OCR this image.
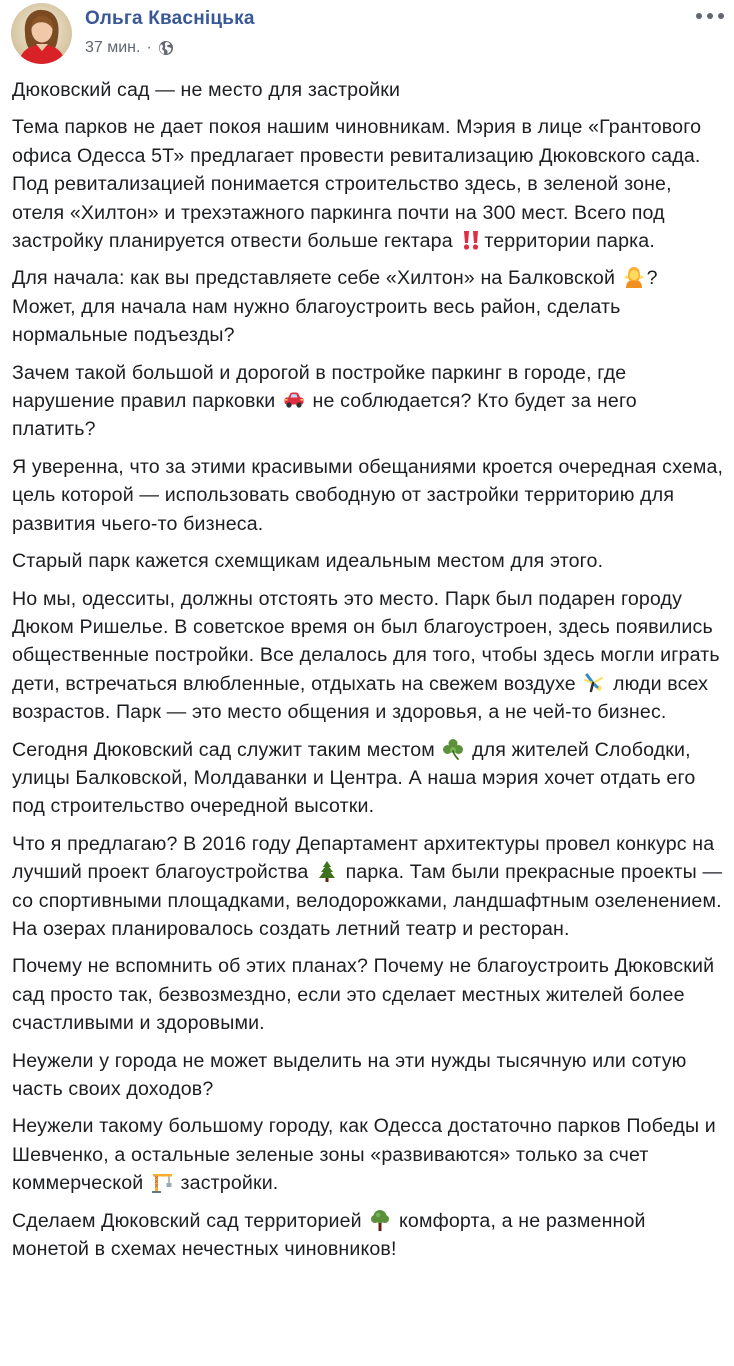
Ольга Квасніцька
37 мин. ·

Дюковский сад — не место для застройки

Тема парков не дает покоя нашим чиновникам. Мэрия в лице «Грантового офиса Одесса 5Т» предлагает провести ревитализацию Дюковского сада. Под ревитализацией понимается строительство здесь, в зеленой зоне, отеля «Хилтон» и трехэтажного паркинга почти на 300 мест. Всего под застройку планируется отвести больше гектара территории парка.

Для начала: как вы представляете себе «Хилтон» на Балковской ? Может, для начала нам нужно благоустроить весь район, сделать нормальные подъезды?

Зачем такой большой и дорогой в постройке паркинг в городе, где нарушение правил парковки  не соблюдается? Кто будет за него платить?

Я уверенна, что за этими красивыми обещаниями кроется очередная схема, цель которой — использовать свободную от застройки территорию для развития чьего-то бизнеса.

Старый парк кажется схемщикам идеальным местом для этого.

Но мы, одесситы, должны отстоять это место. Парк был подарен городу Дюком Ришелье. В советское время он был благоустроен, здесь появились общественные постройки. Все делалось для того, чтобы здесь могли играть дети, встречаться влюбленные, отдыхать на свежем воздухе  люди всех возрастов. Парк — это место общения и здоровья, а не чей-то бизнес.

Сегодня Дюковский сад служит таким местом  для жителей Слободки, улицы Балковской, Молдаванки и Центра. А наша мэрия хочет отдать его под строительство очередной высотки.

Что я предлагаю? В 2016 году Департамент архитектуры провел конкурс на лучший проект благоустройства  парка. Там были прекрасные проекты — со спортивными площадками, велодорожками, ландшафтным озеленением. На озерах планировалось создать летний театр и ресторан.

Почему не вспомнить об этих планах? Почему не благоустроить Дюковский сад просто так, безвозмездно, если это сделает местных жителей более счастливыми и здоровыми.

Неужели у города не может выделить на эти нужды тысячную или сотую часть своих доходов?

Неужели такому большому городу, как Одесса достаточно парков Победы и Шевченко, а остальные зеленые зоны «развиваются» только за счет коммерческой  застройки.

Сделаем Дюковский сад территорией  комфорта, а не разменной монетой в схемах нечестных чиновников!
